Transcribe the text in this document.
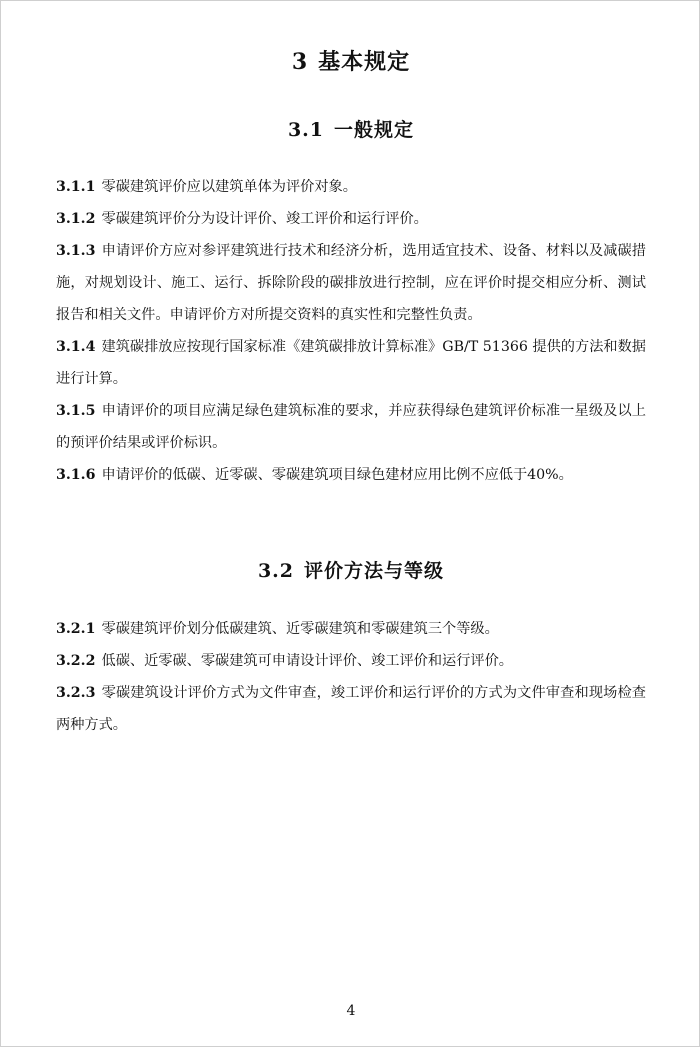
3 基本规定
3.1 一般规定

3.1.1 零碳建筑评价应以建筑单体为评价对象。

3.1.2 零碳建筑评价分为设计评价、竣工评价和运行评价。

3.1.3 申请评价方应对参评建筑进行技术和经济分析，选用适宜技术、设备、材料以及减碳措施，对规划设计、施工、运行、拆除阶段的碳排放进行控制，应在评价时提交相应分析、测试报告和相关文件。申请评价方对所提交资料的真实性和完整性负责。

3.1.4 建筑碳排放应按现行国家标准《建筑碳排放计算标准》GB/T 51366 提供的方法和数据进行计算。

3.1.5 申请评价的项目应满足绿色建筑标准的要求，并应获得绿色建筑评价标准一星级及以上的预评价结果或评价标识。

3.1.6 申请评价的低碳、近零碳、零碳建筑项目绿色建材应用比例不应低于40%。

3.2 评价方法与等级

3.2.1 零碳建筑评价划分低碳建筑、近零碳建筑和零碳建筑三个等级。

3.2.2 低碳、近零碳、零碳建筑可申请设计评价、竣工评价和运行评价。

3.2.3 零碳建筑设计评价方式为文件审查，竣工评价和运行评价的方式为文件审查和现场检查两种方式。

4
